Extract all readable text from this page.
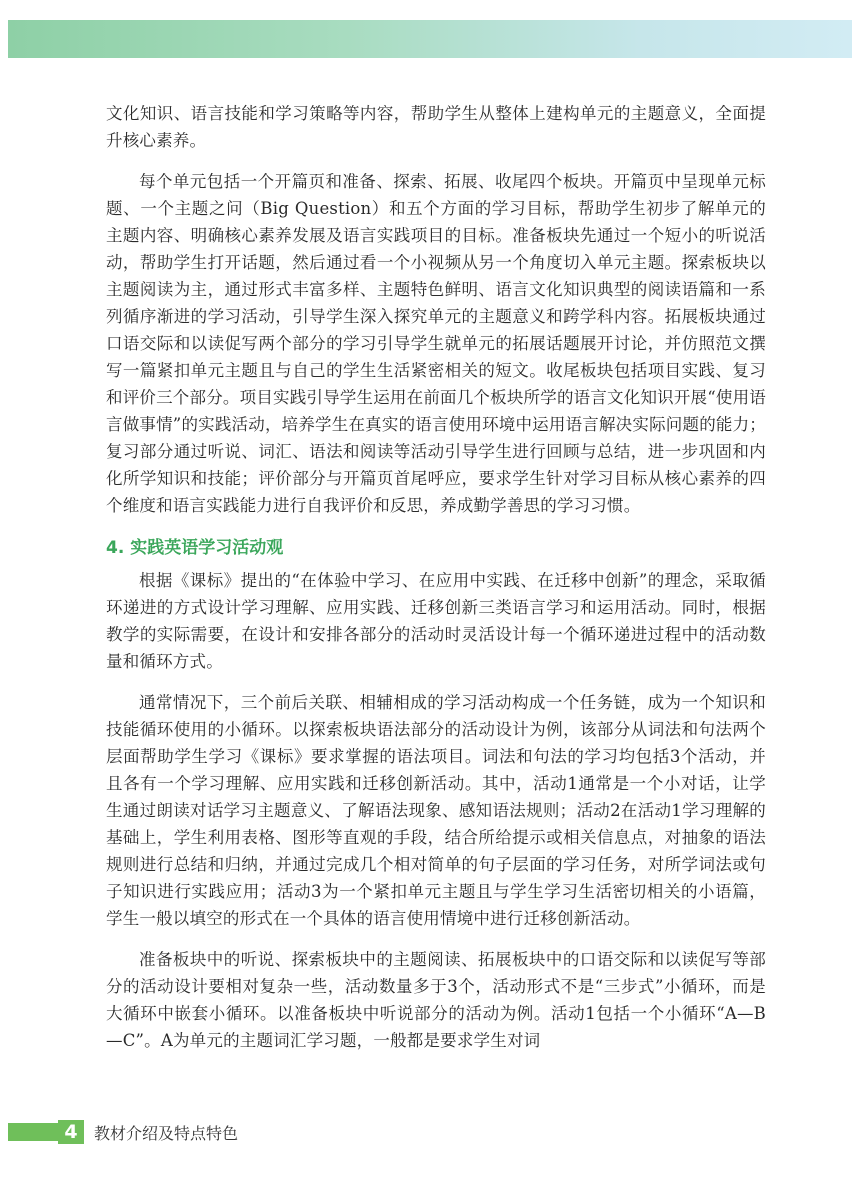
文化知识、语言技能和学习策略等内容，帮助学生从整体上建构单元的主题意义，全面提升核心素养。

每个单元包括一个开篇页和准备、探索、拓展、收尾四个板块。开篇页中呈现单元标题、一个主题之问（Big Question）和五个方面的学习目标，帮助学生初步了解单元的主题内容、明确核心素养发展及语言实践项目的目标。准备板块先通过一个短小的听说活动，帮助学生打开话题，然后通过看一个小视频从另一个角度切入单元主题。探索板块以主题阅读为主，通过形式丰富多样、主题特色鲜明、语言文化知识典型的阅读语篇和一系列循序渐进的学习活动，引导学生深入探究单元的主题意义和跨学科内容。拓展板块通过口语交际和以读促写两个部分的学习引导学生就单元的拓展话题展开讨论，并仿照范文撰写一篇紧扣单元主题且与自己的学生生活紧密相关的短文。收尾板块包括项目实践、复习和评价三个部分。项目实践引导学生运用在前面几个板块所学的语言文化知识开展“使用语言做事情”的实践活动，培养学生在真实的语言使用环境中运用语言解决实际问题的能力；复习部分通过听说、词汇、语法和阅读等活动引导学生进行回顾与总结，进一步巩固和内化所学知识和技能；评价部分与开篇页首尾呼应，要求学生针对学习目标从核心素养的四个维度和语言实践能力进行自我评价和反思，养成勤学善思的学习习惯。

4. 实践英语学习活动观

根据《课标》提出的“在体验中学习、在应用中实践、在迁移中创新”的理念，采取循环递进的方式设计学习理解、应用实践、迁移创新三类语言学习和运用活动。同时，根据教学的实际需要，在设计和安排各部分的活动时灵活设计每一个循环递进过程中的活动数量和循环方式。

通常情况下，三个前后关联、相辅相成的学习活动构成一个任务链，成为一个知识和技能循环使用的小循环。以探索板块语法部分的活动设计为例，该部分从词法和句法两个层面帮助学生学习《课标》要求掌握的语法项目。词法和句法的学习均包括3个活动，并且各有一个学习理解、应用实践和迁移创新活动。其中，活动1通常是一个小对话，让学生通过朗读对话学习主题意义、了解语法现象、感知语法规则；活动2在活动1学习理解的基础上，学生利用表格、图形等直观的手段，结合所给提示或相关信息点，对抽象的语法规则进行总结和归纳，并通过完成几个相对简单的句子层面的学习任务，对所学词法或句子知识进行实践应用；活动3为一个紧扣单元主题且与学生学习生活密切相关的小语篇，学生一般以填空的形式在一个具体的语言使用情境中进行迁移创新活动。

准备板块中的听说、探索板块中的主题阅读、拓展板块中的口语交际和以读促写等部分的活动设计要相对复杂一些，活动数量多于3个，活动形式不是“三步式”小循环，而是大循环中嵌套小循环。以准备板块中听说部分的活动为例。活动1包括一个小循环“A—B—C”。A为单元的主题词汇学习题，一般都是要求学生对词

4	教材介绍及特点特色
